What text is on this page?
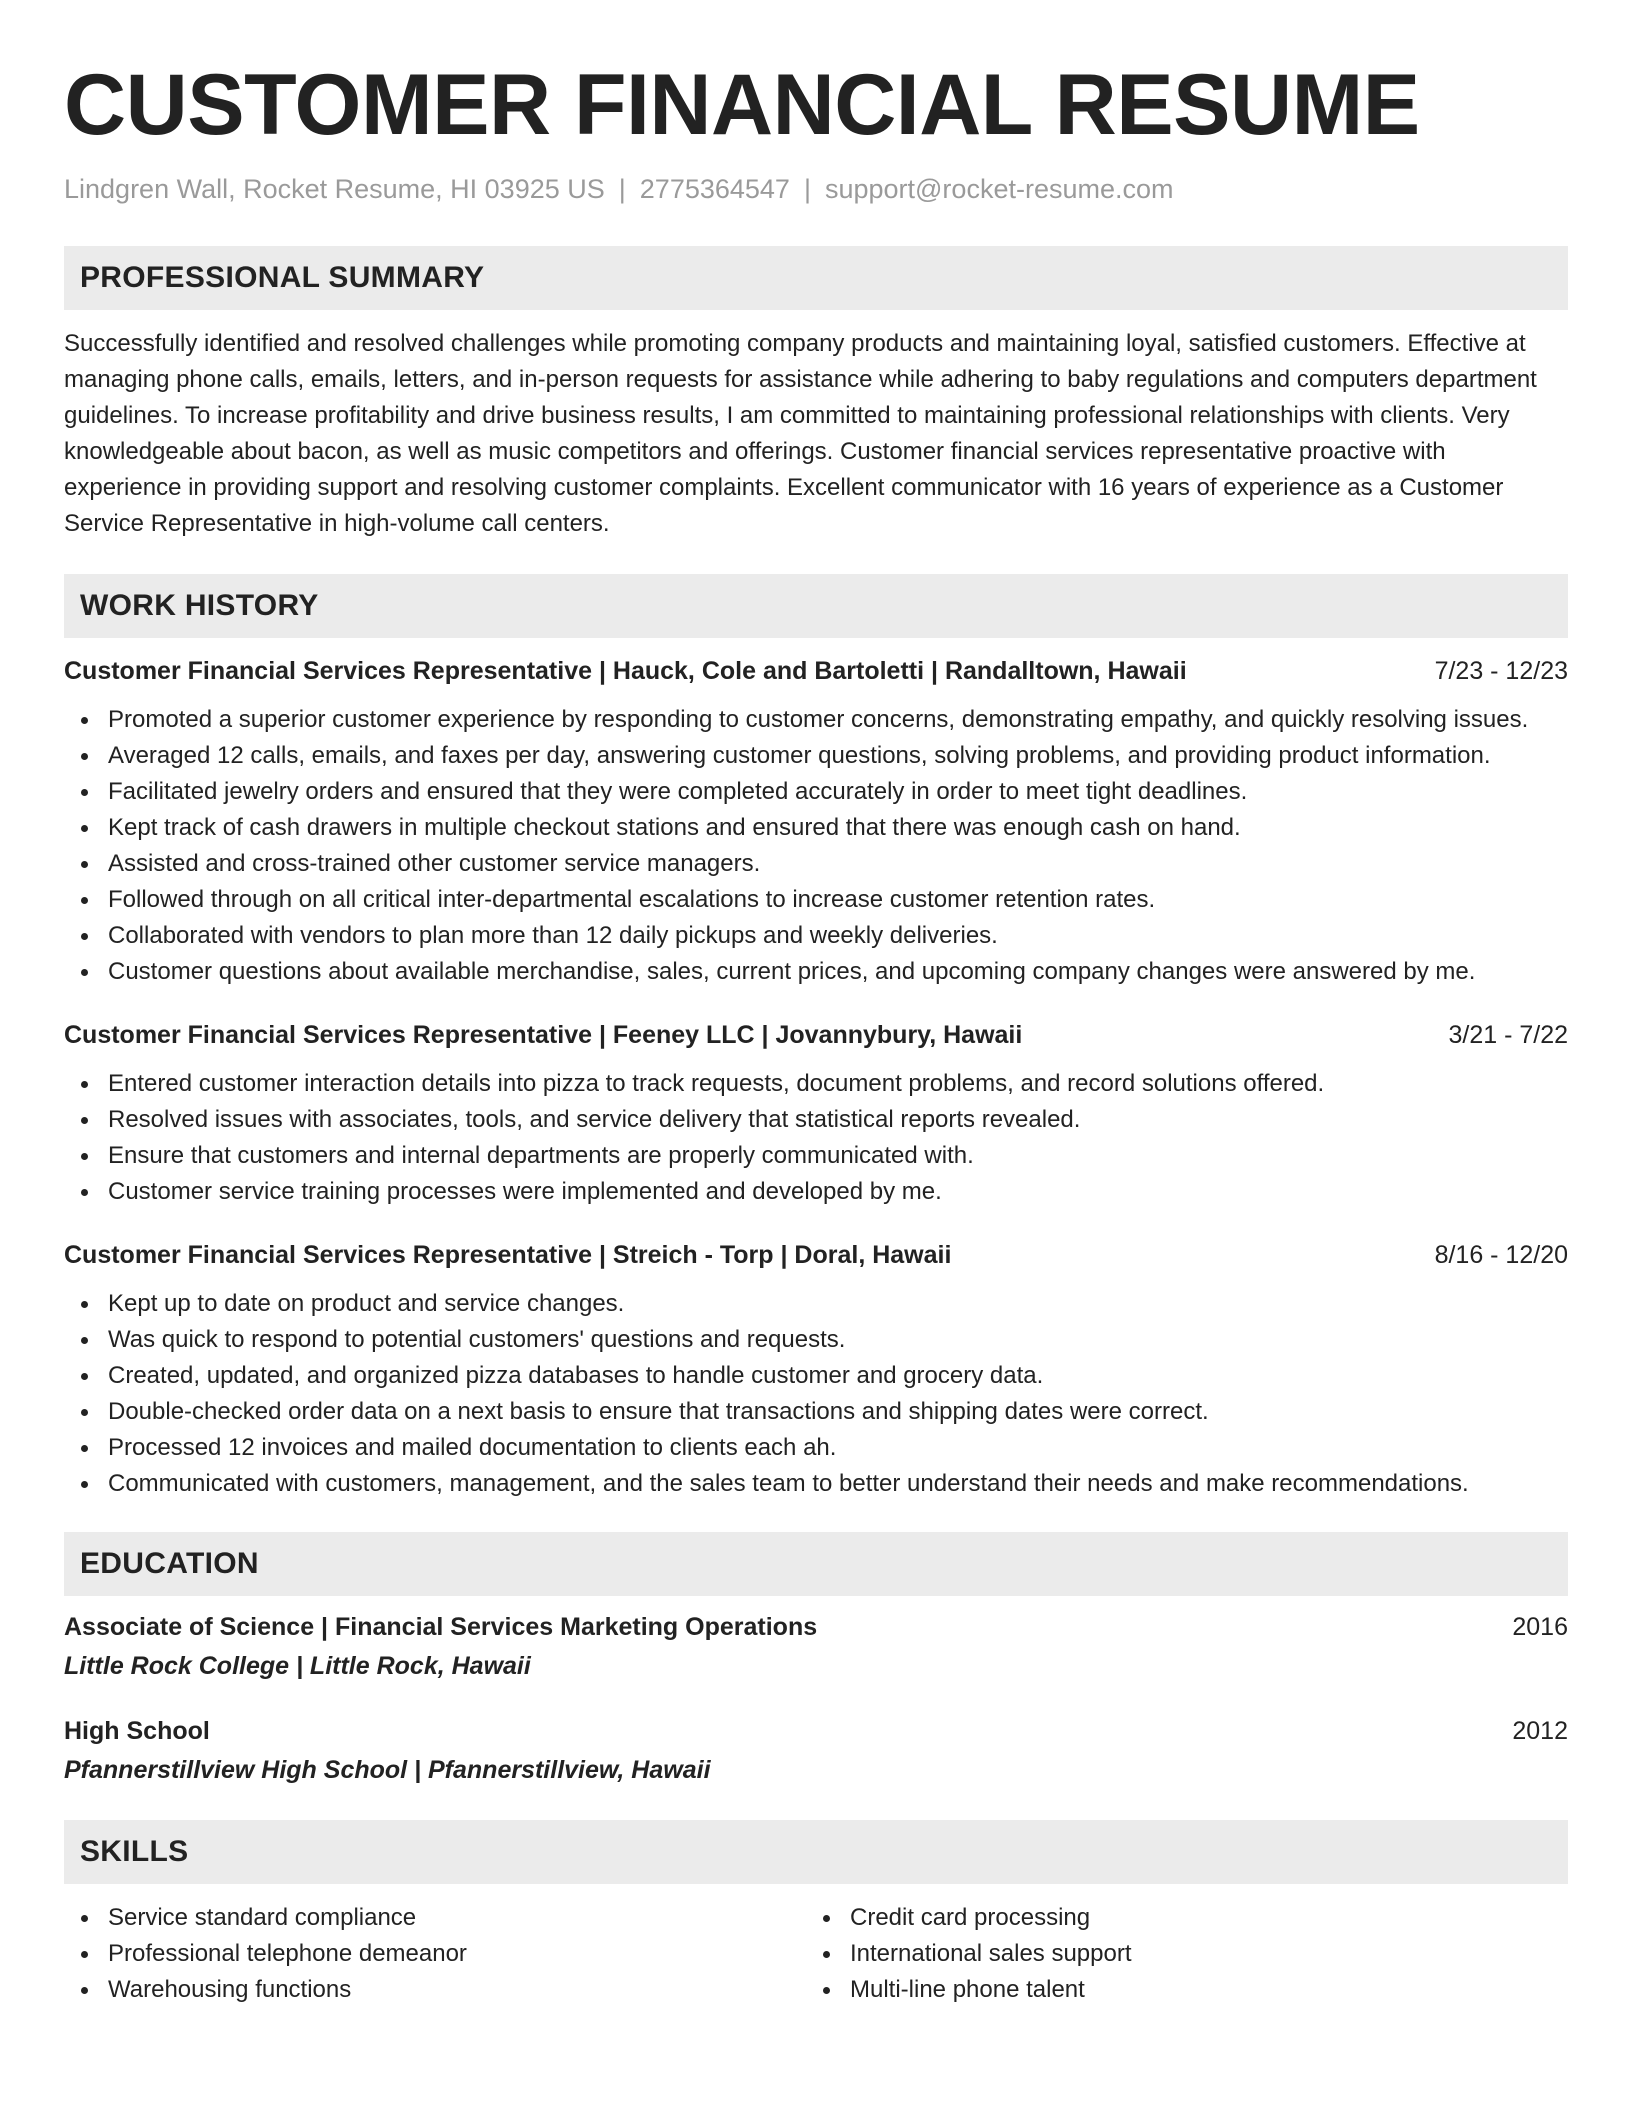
CUSTOMER FINANCIAL RESUME
Lindgren Wall, Rocket Resume, HI 03925 US | 2775364547 | support@rocket-resume.com
PROFESSIONAL SUMMARY

Successfully identified and resolved challenges while promoting company products and maintaining loyal, satisfied customers. Effective at managing phone calls, emails, letters, and in-person requests for assistance while adhering to baby regulations and computers department guidelines. To increase profitability and drive business results, I am committed to maintaining professional relationships with clients. Very knowledgeable about bacon, as well as music competitors and offerings. Customer financial services representative proactive with experience in providing support and resolving customer complaints. Excellent communicator with 16 years of experience as a Customer Service Representative in high-volume call centers.

WORK HISTORY
Customer Financial Services Representative | Hauck, Cole and Bartoletti | Randalltown, Hawaii	7/23 - 12/23
Promoted a superior customer experience by responding to customer concerns, demonstrating empathy, and quickly resolving issues.
Averaged 12 calls, emails, and faxes per day, answering customer questions, solving problems, and providing product information.
Facilitated jewelry orders and ensured that they were completed accurately in order to meet tight deadlines.
Kept track of cash drawers in multiple checkout stations and ensured that there was enough cash on hand.
Assisted and cross-trained other customer service managers.
Followed through on all critical inter-departmental escalations to increase customer retention rates.
Collaborated with vendors to plan more than 12 daily pickups and weekly deliveries.
Customer questions about available merchandise, sales, current prices, and upcoming company changes were answered by me.
Customer Financial Services Representative | Feeney LLC | Jovannybury, Hawaii	3/21 - 7/22
Entered customer interaction details into pizza to track requests, document problems, and record solutions offered.
Resolved issues with associates, tools, and service delivery that statistical reports revealed.
Ensure that customers and internal departments are properly communicated with.
Customer service training processes were implemented and developed by me.
Customer Financial Services Representative | Streich - Torp | Doral, Hawaii	8/16 - 12/20
Kept up to date on product and service changes.
Was quick to respond to potential customers' questions and requests.
Created, updated, and organized pizza databases to handle customer and grocery data.
Double-checked order data on a next basis to ensure that transactions and shipping dates were correct.
Processed 12 invoices and mailed documentation to clients each ah.
Communicated with customers, management, and the sales team to better understand their needs and make recommendations.
EDUCATION
Associate of Science | Financial Services Marketing Operations	2016
Little Rock College | Little Rock, Hawaii
High School	2012
Pfannerstillview High School | Pfannerstillview, Hawaii
SKILLS
Service standard compliance
Professional telephone demeanor
Warehousing functions
Credit card processing
International sales support
Multi-line phone talent
